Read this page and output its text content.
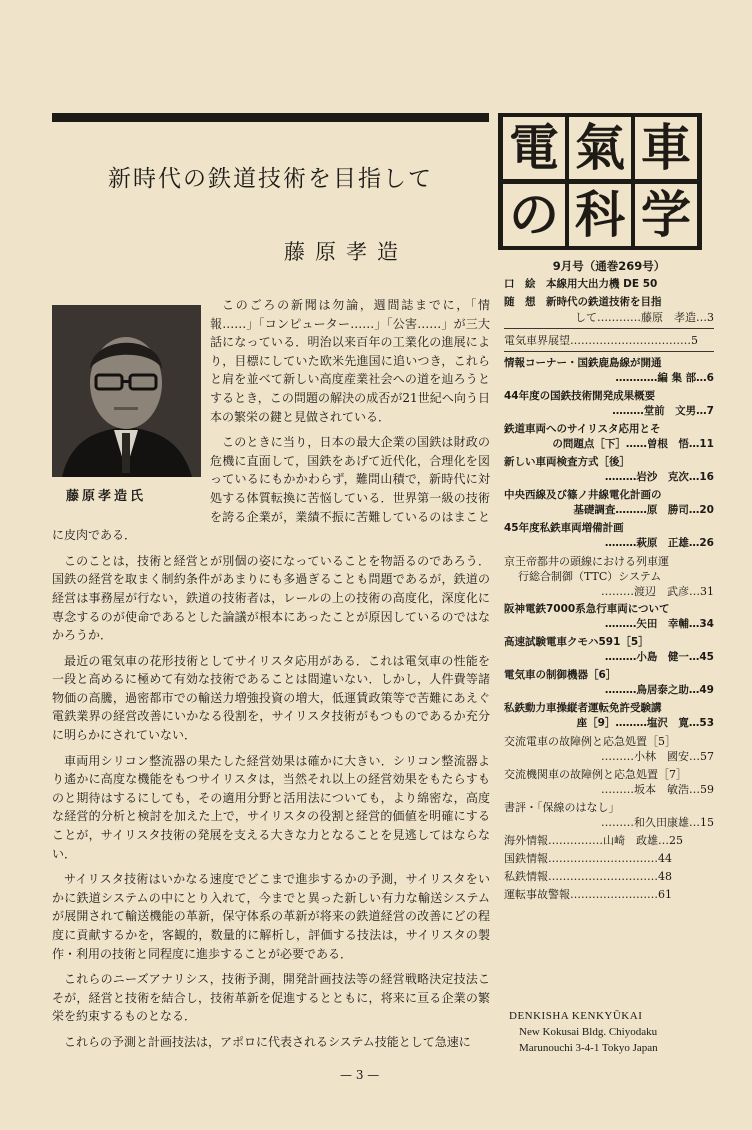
新時代の鉄道技術を目指して
藤原孝造
藤原孝造氏

このごろの新聞は勿論，週間誌までに，「情報……」「コンピューター……」「公害……」が三大話になっている．明治以来百年の工業化の進展により，目標にしていた欧米先進国に追いつき，これらと肩を並べて新しい高度産業社会への道を辿ろうとするとき，この問題の解決の成否が21世紀へ向う日本の繁栄の鍵と見做されている．

このときに当り，日本の最大企業の国鉄は財政の危機に直面して，国鉄をあげて近代化，合理化を図っているにもかかわらず，難問山積で，新時代に対処する体質転換に苦悩している．世界第一級の技術を誇る企業が，業績不振に苦難しているのはまことに皮肉である．

このことは，技術と経営とが別個の姿になっていることを物語るのであろう．国鉄の経営を取まく制約条件があまりにも多過ぎることも問題であるが，鉄道の経営は事務屋が行ない，鉄道の技術者は，レールの上の技術の高度化，深度化に専念するのが使命であるとした論議が根本にあったことが原因しているのではなかろうか．

最近の電気車の花形技術としてサイリスタ応用がある．これは電気車の性能を一段と高めるに極めて有効な技術であることは間違いない．しかし，人件費等諸物価の高騰，過密都市での輸送力増強投資の増大，低運賃政策等で苦難にあえぐ電鉄業界の経営改善にいかなる役割を，サイリスタ技術がもつものであるか充分に明らかにされていない．

車両用シリコン整流器の果たした経営効果は確かに大きい．シリコン整流器より遙かに高度な機能をもつサイリスタは，当然それ以上の経営効果をもたらすものと期待はするにしても，その適用分野と活用法についても，より綿密な，高度な経営的分析と検討を加えた上で，サイリスタの役割と経営的価値を明確にすることが，サイリスタ技術の発展を支える大きな力となることを見逃してはならない．

サイリスタ技術はいかなる速度でどこまで進歩するかの予測，サイリスタをいかに鉄道システムの中にとり入れて，今までと異った新しい有力な輸送システムが展開されて輸送機能の革新，保守体系の革新が将来の鉄道経営の改善にどの程度に貢献するかを，客観的，数量的に解析し，評価する技法は，サイリスタの製作・利用の技術と同程度に進歩することが必要である．

これらのニーズアナリシス，技術予測，開発計画技法等の経営戦略決定技法こそが，経営と技術を結合し，技術革新を促進するとともに，将来に亘る企業の繁栄を約束するものとなる．

これらの予測と計画技法は，アポロに代表されるシステム技能として急速に

電 氣 車
の 科 学
9月号（通巻269号）
口　絵　本線用大出力機 DE 50
随　想　新時代の鉄道技術を目指
して…………藤原　孝造…3
電気車界展望……………………………5
情報コーナー・国鉄鹿島線が開通
…………編 集 部…6
44年度の国鉄技術開発成果概要
………堂前　文男…7
鉄道車両へのサイリスタ応用とそ
の問題点［下］……曽根　悟…11
新しい車両検査方式［後］
………岩沙　克次…16
中央西線及び篠ノ井線電化計画の
基礎調査………原　勝司…20
45年度私鉄車両増備計画
………萩原　正雄…26
京王帝都井の頭線における列車運
行総合制御（TTC）システム
………渡辺　武彦…31
阪神電鉄7000系急行車両について
………矢田　幸輔…34
高速試験電車クモハ591［5］
………小島　健一…45
電気車の制御機器［6］
………鳥居泰之助…49
私鉄動力車操縦者運転免許受験講
座［9］………塩沢　寛…53
交流電車の故障例と応急処置［5］
………小林　國安…57
交流機関車の故障例と応急処置［7］
………坂本　敏浩…59
書評・「保線のはなし」
………和久田康雄…15
海外情報……………山崎　政雄…25
国鉄情報…………………………44
私鉄情報…………………………48
運転事故警報……………………61
DENKISHA KENKYŪKAI
New Kokusai Bldg. Chiyodaku
Marunouchi 3-4-1 Tokyo Japan
— 3 —
